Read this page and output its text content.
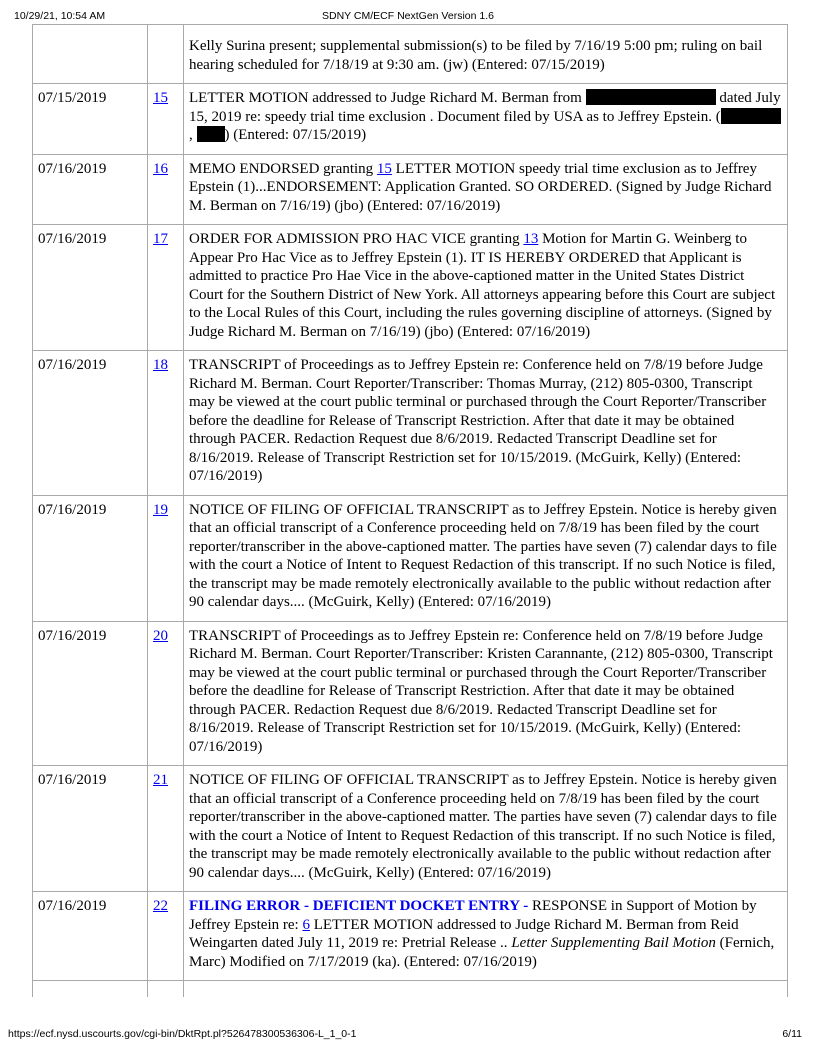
10/29/21, 10:54 AM	SDNY CM/ECF NextGen Version 1.6
		Kelly Surina present; supplemental submission(s) to be filed by 7/16/19 5:00 pm; ruling on bail hearing scheduled for 7/18/19 at 9:30 am. (jw) (Entered: 07/15/2019)
07/15/2019	15	LETTER MOTION addressed to Judge Richard M. Berman from dated July 15, 2019 re: speedy trial time exclusion . Document filed by USA as to Jeffrey Epstein. (, ) (Entered: 07/15/2019)
07/16/2019	16	MEMO ENDORSED granting 15 LETTER MOTION speedy trial time exclusion as to Jeffrey Epstein (1)...ENDORSEMENT: Application Granted. SO ORDERED. (Signed by Judge Richard M. Berman on 7/16/19) (jbo) (Entered: 07/16/2019)
07/16/2019	17	ORDER FOR ADMISSION PRO HAC VICE granting 13 Motion for Martin G. Weinberg to Appear Pro Hac Vice as to Jeffrey Epstein (1). IT IS HEREBY ORDERED that Applicant is admitted to practice Pro Hae Vice in the above-captioned matter in the United States District Court for the Southern District of New York. All attorneys appearing before this Court are subject to the Local Rules of this Court, including the rules governing discipline of attorneys. (Signed by Judge Richard M. Berman on 7/16/19) (jbo) (Entered: 07/16/2019)
07/16/2019	18	TRANSCRIPT of Proceedings as to Jeffrey Epstein re: Conference held on 7/8/19 before Judge Richard M. Berman. Court Reporter/Transcriber: Thomas Murray, (212) 805-0300, Transcript may be viewed at the court public terminal or purchased through the Court Reporter/Transcriber before the deadline for Release of Transcript Restriction. After that date it may be obtained through PACER. Redaction Request due 8/6/2019. Redacted Transcript Deadline set for 8/16/2019. Release of Transcript Restriction set for 10/15/2019. (McGuirk, Kelly) (Entered: 07/16/2019)
07/16/2019	19	NOTICE OF FILING OF OFFICIAL TRANSCRIPT as to Jeffrey Epstein. Notice is hereby given that an official transcript of a Conference proceeding held on 7/8/19 has been filed by the court reporter/transcriber in the above-captioned matter. The parties have seven (7) calendar days to file with the court a Notice of Intent to Request Redaction of this transcript. If no such Notice is filed, the transcript may be made remotely electronically available to the public without redaction after 90 calendar days.... (McGuirk, Kelly) (Entered: 07/16/2019)
07/16/2019	20	TRANSCRIPT of Proceedings as to Jeffrey Epstein re: Conference held on 7/8/19 before Judge Richard M. Berman. Court Reporter/Transcriber: Kristen Carannante, (212) 805-0300, Transcript may be viewed at the court public terminal or purchased through the Court Reporter/Transcriber before the deadline for Release of Transcript Restriction. After that date it may be obtained through PACER. Redaction Request due 8/6/2019. Redacted Transcript Deadline set for 8/16/2019. Release of Transcript Restriction set for 10/15/2019. (McGuirk, Kelly) (Entered: 07/16/2019)
07/16/2019	21	NOTICE OF FILING OF OFFICIAL TRANSCRIPT as to Jeffrey Epstein. Notice is hereby given that an official transcript of a Conference proceeding held on 7/8/19 has been filed by the court reporter/transcriber in the above-captioned matter. The parties have seven (7) calendar days to file with the court a Notice of Intent to Request Redaction of this transcript. If no such Notice is filed, the transcript may be made remotely electronically available to the public without redaction after 90 calendar days.... (McGuirk, Kelly) (Entered: 07/16/2019)
07/16/2019	22	FILING ERROR - DEFICIENT DOCKET ENTRY - RESPONSE in Support of Motion by Jeffrey Epstein re: 6 LETTER MOTION addressed to Judge Richard M. Berman from Reid Weingarten dated July 11, 2019 re: Pretrial Release .. Letter Supplementing Bail Motion (Fernich, Marc) Modified on 7/17/2019 (ka). (Entered: 07/16/2019)

https://ecf.nysd.uscourts.gov/cgi-bin/DktRpt.pl?526478300536306-L_1_0-1	6/11
